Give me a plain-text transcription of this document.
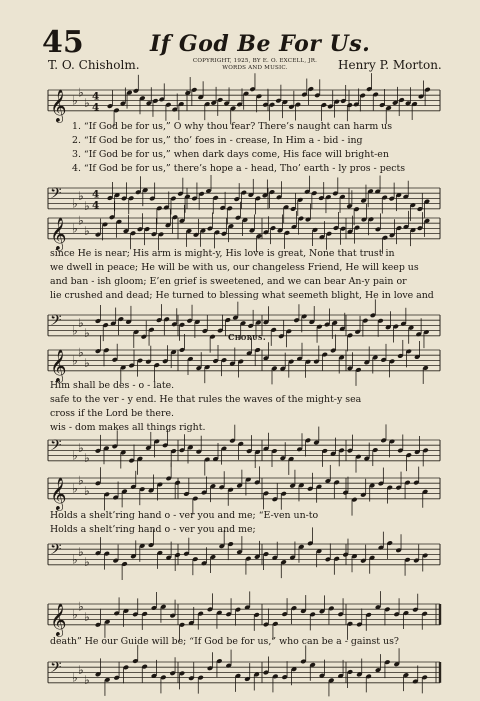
45	If God Be For Us.
T. O. Chisholm.	COPYRIGHT, 1925, BY E. O. EXCELL, JR.
WORDS AND MUSIC.	Henry P. Morton.
𝄞 ♭
♭
♭ 4
4
1. “If God be for us,” O why thou fear? There’s naught can harm us
2. “If God be for us,” tho’ foes in - crease, In Him a - bid - ing
3. “If God be for us,” when dark days come, His face will bright-en
4. “If God be for us,” there’s hope a - head, Tho’ earth - ly pros - pects
𝄢 ♭
♭
♭
4
4
𝄞 ♭
♭
♭
since He is near; His arm is might-y, His love is great, None that trust in
we dwell in peace; He will be with us, our changeless Friend, He will keep us
and ban - ish gloom; E’en grief is sweetened, and we can bear An-y pain or
lie crushed and dead; He turned to blessing what seemeth blight, He in love and
𝄢 ♭
♭
♭	Chorus.
𝄞 ♭
♭
♭
Him shall be des - o - late.
safe to the ver - y end. He that rules the waves of the might-y sea
cross if the Lord be there.
wis - dom makes all things right.
𝄢 ♭
♭
♭
𝄞 ♭
♭
♭
Holds a shelt’ring hand o - ver you and me; “E-ven un-to
Holds a shelt’ring hand o - ver you and me;
𝄢 ♭
♭
♭
𝄞 ♭
♭
♭
death” He our Guide will be; “If God be for us,” who can be a - gainst us?
𝄢 ♭
♭
♭
